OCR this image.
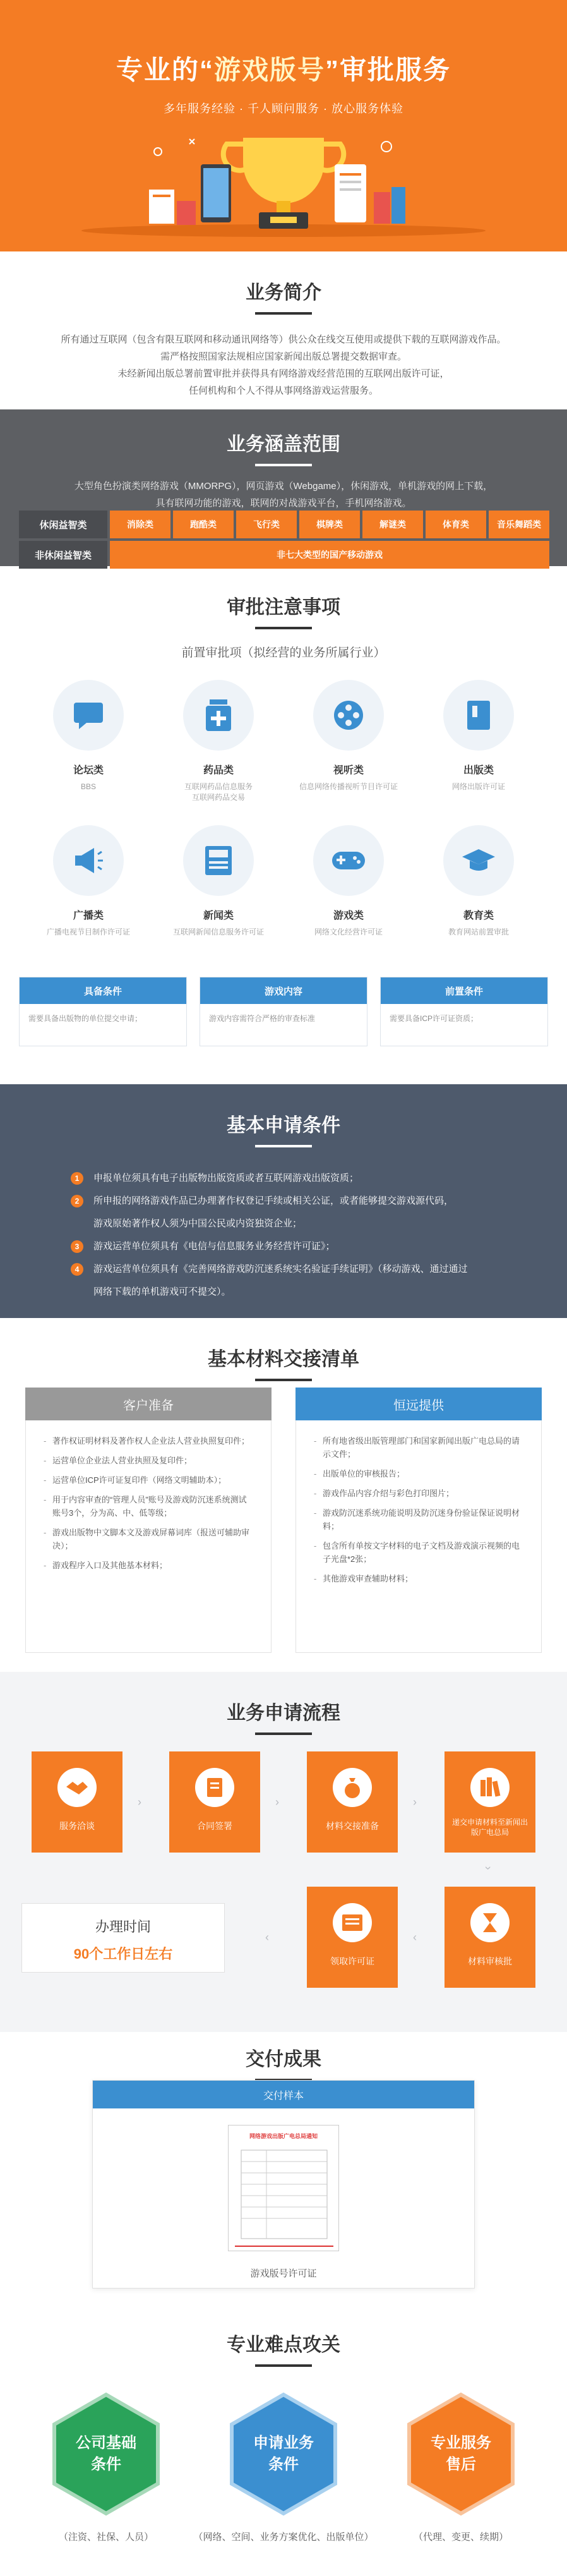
专业的“游戏版号”审批服务
多年服务经验 · 千人顾问服务 · 放心服务体验
业务简介
所有通过互联网（包含有限互联网和移动通讯网络等）供公众在线交互使用或提供下载的互联网游戏作品。
需严格按照国家法规相应国家新闻出版总署提交数据审查。
未经新闻出版总署前置审批并获得具有网络游戏经营范围的互联网出版许可证，
任何机构和个人不得从事网络游戏运营服务。
业务涵盖范围
大型角色扮演类网络游戏（MMORPG），网页游戏（Webgame），休闲游戏，单机游戏的网上下载，
具有联网功能的游戏，联网的对战游戏平台，手机网络游戏。
休闲益智类	消除类	跑酷类	飞行类	棋牌类	解谜类	体育类	音乐舞蹈类
非休闲益智类	非七大类型的国产移动游戏
审批注意事项
前置审批项（拟经营的业务所属行业）
论坛类
BBS
药品类
互联网药品信息服务
互联网药品交易
视听类
信息网络传播视听节目许可证
出版类
网络出版许可证
广播类
广播电视节目制作许可证
新闻类
互联网新闻信息服务许可证
游戏类
网络文化经营许可证
教育类
教育网站前置审批
具备条件
需要具备出版物的单位提交申请；
游戏内容
游戏内容需符合严格的审查标准
前置条件
需要具备ICP许可证资质；
基本申请条件
1	申报单位须具有电子出版物出版资质或者互联网游戏出版资质；
2	所申报的网络游戏作品已办理著作权登记手续或相关公证，或者能够提交游戏源代码，
游戏原始著作权人须为中国公民或内资独资企业；
3	游戏运营单位须具有《电信与信息服务业务经营许可证》；
4	游戏运营单位须具有《完善网络游戏防沉迷系统实名验证手续证明》（移动游戏、通过通过
网络下载的单机游戏可不提交）。
基本材料交接清单
客户准备
- 著作权证明材料及著作权人企业法人营业执照复印件；
- 运营单位企业法人营业执照及复印件；
- 运营单位ICP许可证复印件（网络文明辅助本）；
- 用于内容审查的“管理人员”账号及游戏防沉迷系统测试账号3个，分为高、中、低等级；
- 游戏出版物中文脚本文及游戏屏幕词库（报送可辅助审决）；
- 游戏程序入口及其他基本材料；
恒远提供
- 所有地省级出版管理部门和国家新闻出版广电总局的请示文件；
- 出版单位的审核报告；
- 游戏作品内容介绍与彩色打印图片；
- 游戏防沉迷系统功能说明及防沉迷身份验证保证说明材料；
- 包含所有单按文字材料的电子文档及游戏演示视频的电子光盘*2张；
- 其他游戏审查辅助材料；
业务申请流程
服务洽谈
›
合同签署
›
材料交接准备
›
递交申请材料至新闻出版广电总局
›
材料审核批
‹
领取许可证
‹
办理时间
90个工作日左右
交付成果
交付样本
网络游戏出版广电总局通知
游戏版号许可证
专业难点攻关
公司基础
条件
（注资、社保、人员）
申请业务
条件
（网络、空间、业务方案优化、出版单位）
专业服务
售后
（代理、变更、续期）
